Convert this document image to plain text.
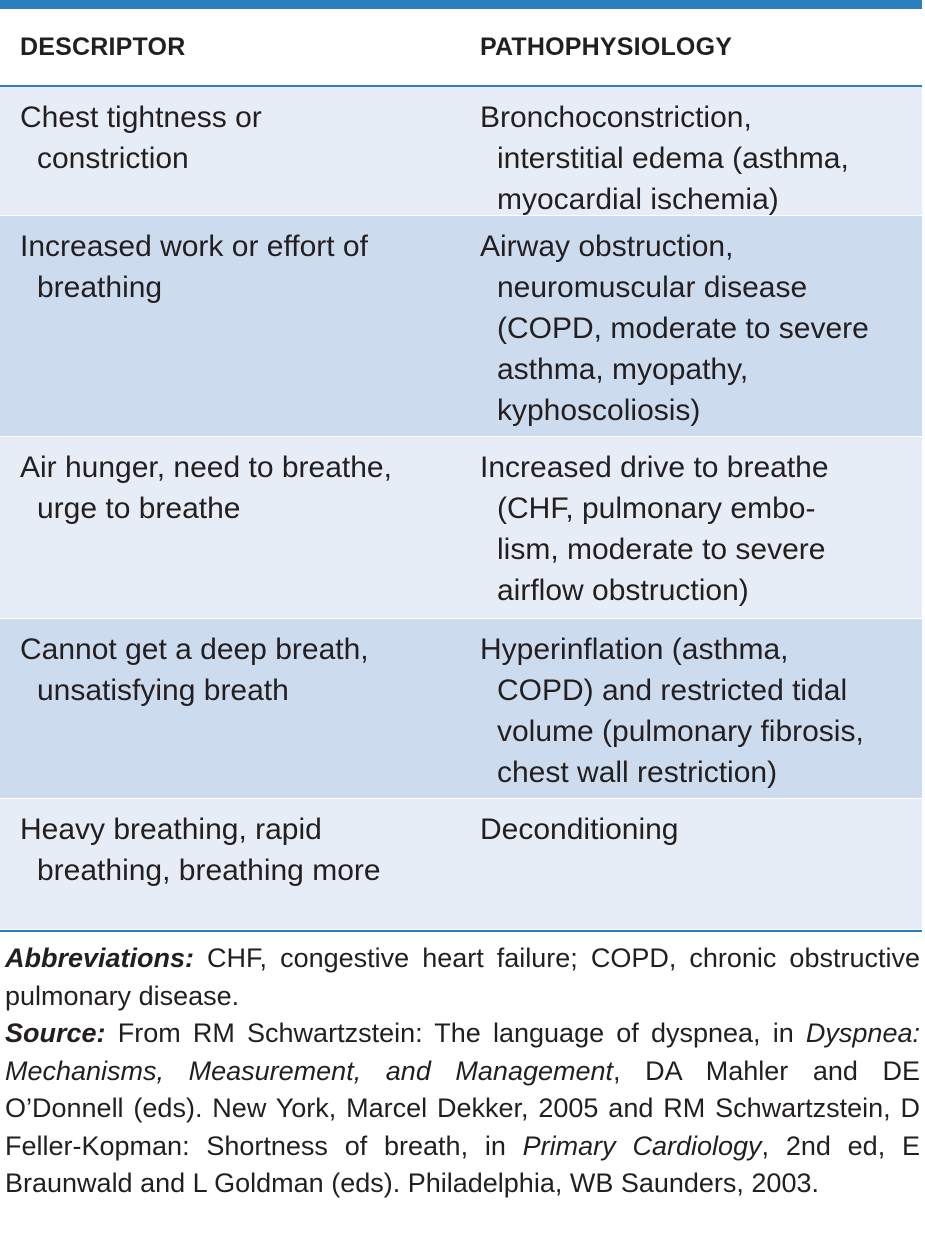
DESCRIPTOR	PATHOPHYSIOLOGY
Chest tightness or
constriction
Bronchoconstriction,
interstitial edema (asthma,
myocardial ischemia)
Increased work or effort of
breathing
Airway obstruction,
neuromuscular disease
(COPD, moderate to severe
asthma, myopathy,
kyphoscoliosis)
Air hunger, need to breathe,
urge to breathe
Increased drive to breathe
(CHF, pulmonary embo-
lism, moderate to severe
airflow obstruction)
Cannot get a deep breath,
unsatisfying breath
Hyperinflation (asthma,
COPD) and restricted tidal
volume (pulmonary fibrosis,
chest wall restriction)
Heavy breathing, rapid
breathing, breathing more
Deconditioning

Abbreviations: CHF, congestive heart failure; COPD, chronic obstructive pulmonary disease.

Source: From RM Schwartzstein: The language of dyspnea, in Dyspnea: Mechanisms, Measurement, and Management, DA Mahler and DE O’Donnell (eds). New York, Marcel Dekker, 2005 and RM Schwartzstein, D Feller-Kopman: Shortness of breath, in Primary Cardiology, 2nd ed, E Braunwald and L Goldman (eds). Philadelphia, WB Saunders, 2003.
